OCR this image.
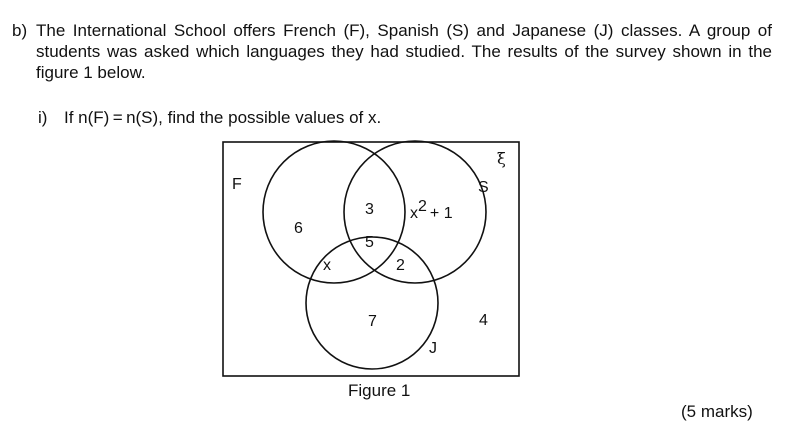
b) The International School offers French (F), Spanish (S) and Japanese (J) classes. A group of students was asked which languages they had studied. The results of the survey shown in the figure 1 below.
i) If n(F) = n(S), find the possible values of x.
ξ
F	S
J
6
3 x2 + 1
5
x	2
7	4
Figure 1
(5 marks)
